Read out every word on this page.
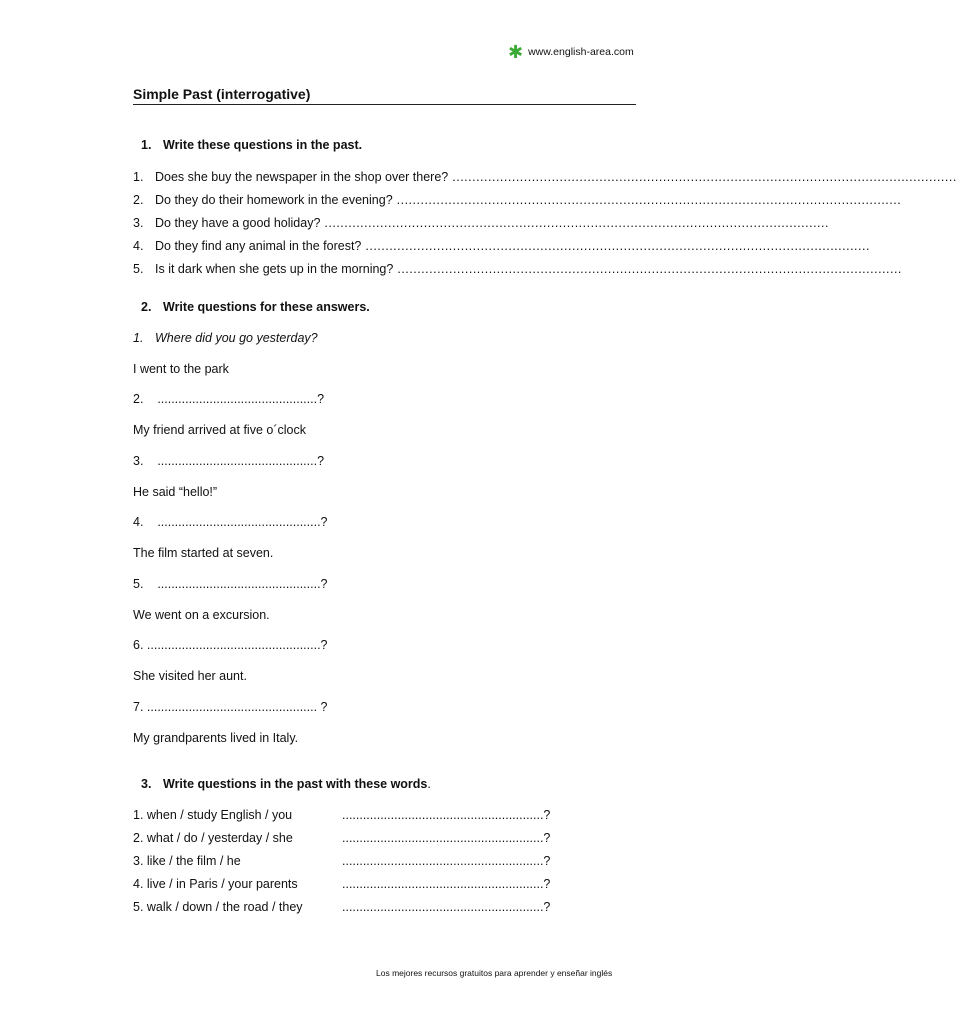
✱ www.english-area.com
Simple Past (interrogative)
1. Write these questions in the past.
1. Does she buy the newspaper in the shop over there? ...............................................................................................................................
2. Do they do their homework in the evening? ...............................................................................................................................
3. Do they have a good holiday? ...............................................................................................................................
4. Do they find any animal in the forest? ...............................................................................................................................
5. Is it dark when she gets up in the morning? ...............................................................................................................................
2. Write questions for these answers.
1. Where did you go yesterday?
I went to the park
2.    ..............................................?
My friend arrived at five o´clock
3.    ..............................................?
He said “hello!”
4.    ...............................................?
The film started at seven.
5.    ...............................................?
We went on a excursion.
6. ..................................................?
She visited her aunt.
7. ................................................. ?
My grandparents lived in Italy.
3. Write questions in the past with these words.
1. when / study English / you	..........................................................?
2. what / do / yesterday / she	..........................................................?
3. like / the film / he	..........................................................?
4. live / in Paris / your parents	..........................................................?
5. walk / down / the road / they	..........................................................?
Los mejores recursos gratuitos para aprender y enseñar inglés
